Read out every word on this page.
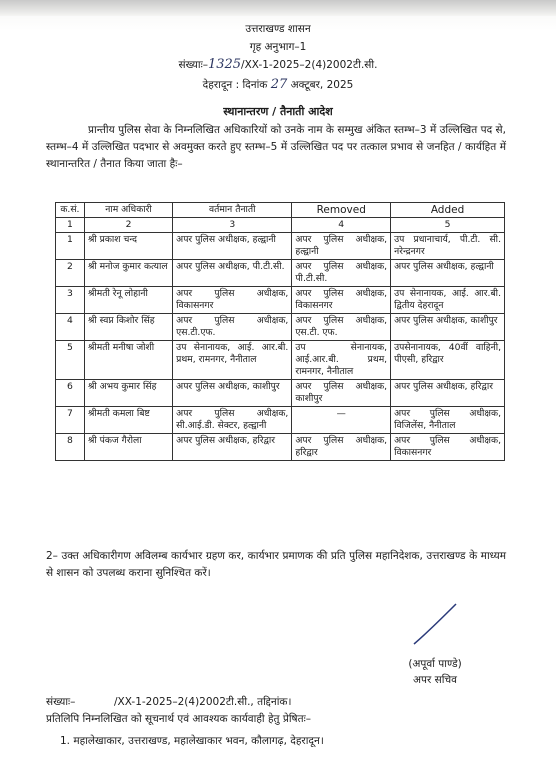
उत्तराखण्ड शासन
गृह अनुभाग–1
संख्याः–1325/XX-1-2025–2(4)2002टी.सी.
देहरादून : दिनांक 27 अक्टूबर, 2025
स्थानान्तरण / तैनाती आदेश
प्रान्तीय पुलिस सेवा के निम्नलिखित अधिकारियों को उनके नाम के सम्मुख अंकित स्तम्भ–3 में उल्लिखित पद से, स्तम्भ–4 में उल्लिखित पदभार से अवमुक्त करते हुए स्तम्भ–5 में उल्लिखित पद पर तत्काल प्रभाव से जनहित / कार्यहित में स्थानान्तरित / तैनात किया जाता हैः–
क.सं.	नाम अधिकारी	वर्तमान तैनाती	Removed	Added
1	2	3	4	5
1	श्री प्रकाश चन्द	अपर पुलिस अधीक्षक, हल्द्वानी	अपर पुलिस अधीक्षक, हल्द्वानी	उप प्रधानाचार्य, पी.टी. सी. नरेन्द्रनगर
2	श्री मनोज कुमार कत्याल	अपर पुलिस अधीक्षक, पी.टी.सी.	अपर पुलिस अधीक्षक, पी.टी.सी.	अपर पुलिस अधीक्षक, हल्द्वानी
3	श्रीमती रेनू लोहानी	अपर पुलिस अधीक्षक, विकासनगर	अपर पुलिस अधीक्षक, विकासनगर	उप सेनानायक, आई. आर.बी. द्वितीय देहरादून
4	श्री स्वप्न किशोर सिंह	अपर पुलिस अधीक्षक, एस.टी.एफ.	अपर पुलिस अधीक्षक, एस.टी. एफ.	अपर पुलिस अधीक्षक, काशीपुर
5	श्रीमती मनीषा जोशी	उप सेनानायक, आई. आर.बी. प्रथम, रामनगर, नैनीताल	उप सेनानायक, आई.आर.बी. प्रथम, रामनगर, नैनीताल	उपसेनानायक, 40वीं वाहिनी, पीएसी, हरिद्वार
6	श्री अभय कुमार सिंह	अपर पुलिस अधीक्षक, काशीपुर	अपर पुलिस अधीक्षक, काशीपुर	अपर पुलिस अधीक्षक, हरिद्वार
7	श्रीमती कमला बिष्ट	अपर पुलिस अधीक्षक, सी.आई.डी. सेक्टर, हल्द्वानी	—	अपर पुलिस अधीक्षक, विजिलेंस, नैनीताल
8	श्री पंकज गैरोला	अपर पुलिस अधीक्षक, हरिद्वार	अपर पुलिस अधीक्षक, हरिद्वार	अपर पुलिस अधीक्षक, विकासनगर
2– उक्त अधिकारीगण अविलम्ब कार्यभार ग्रहण कर, कार्यभार प्रमाणक की प्रति पुलिस महानिदेशक, उत्तराखण्ड के माध्यम से शासन को उपलब्ध कराना सुनिश्चित करें।
(अपूर्वा पाण्डे)
अपर सचिव
संख्याः–	/XX-1-2025–2(4)2002टी.सी., तद्दिनांक।
प्रतिलिपि निम्नलिखित को सूचनार्थ एवं आवश्यक कार्यवाही हेतु प्रेषितः–
1. महालेखाकार, उत्तराखण्ड, महालेखाकार भवन, कौलागढ़, देहरादून।
